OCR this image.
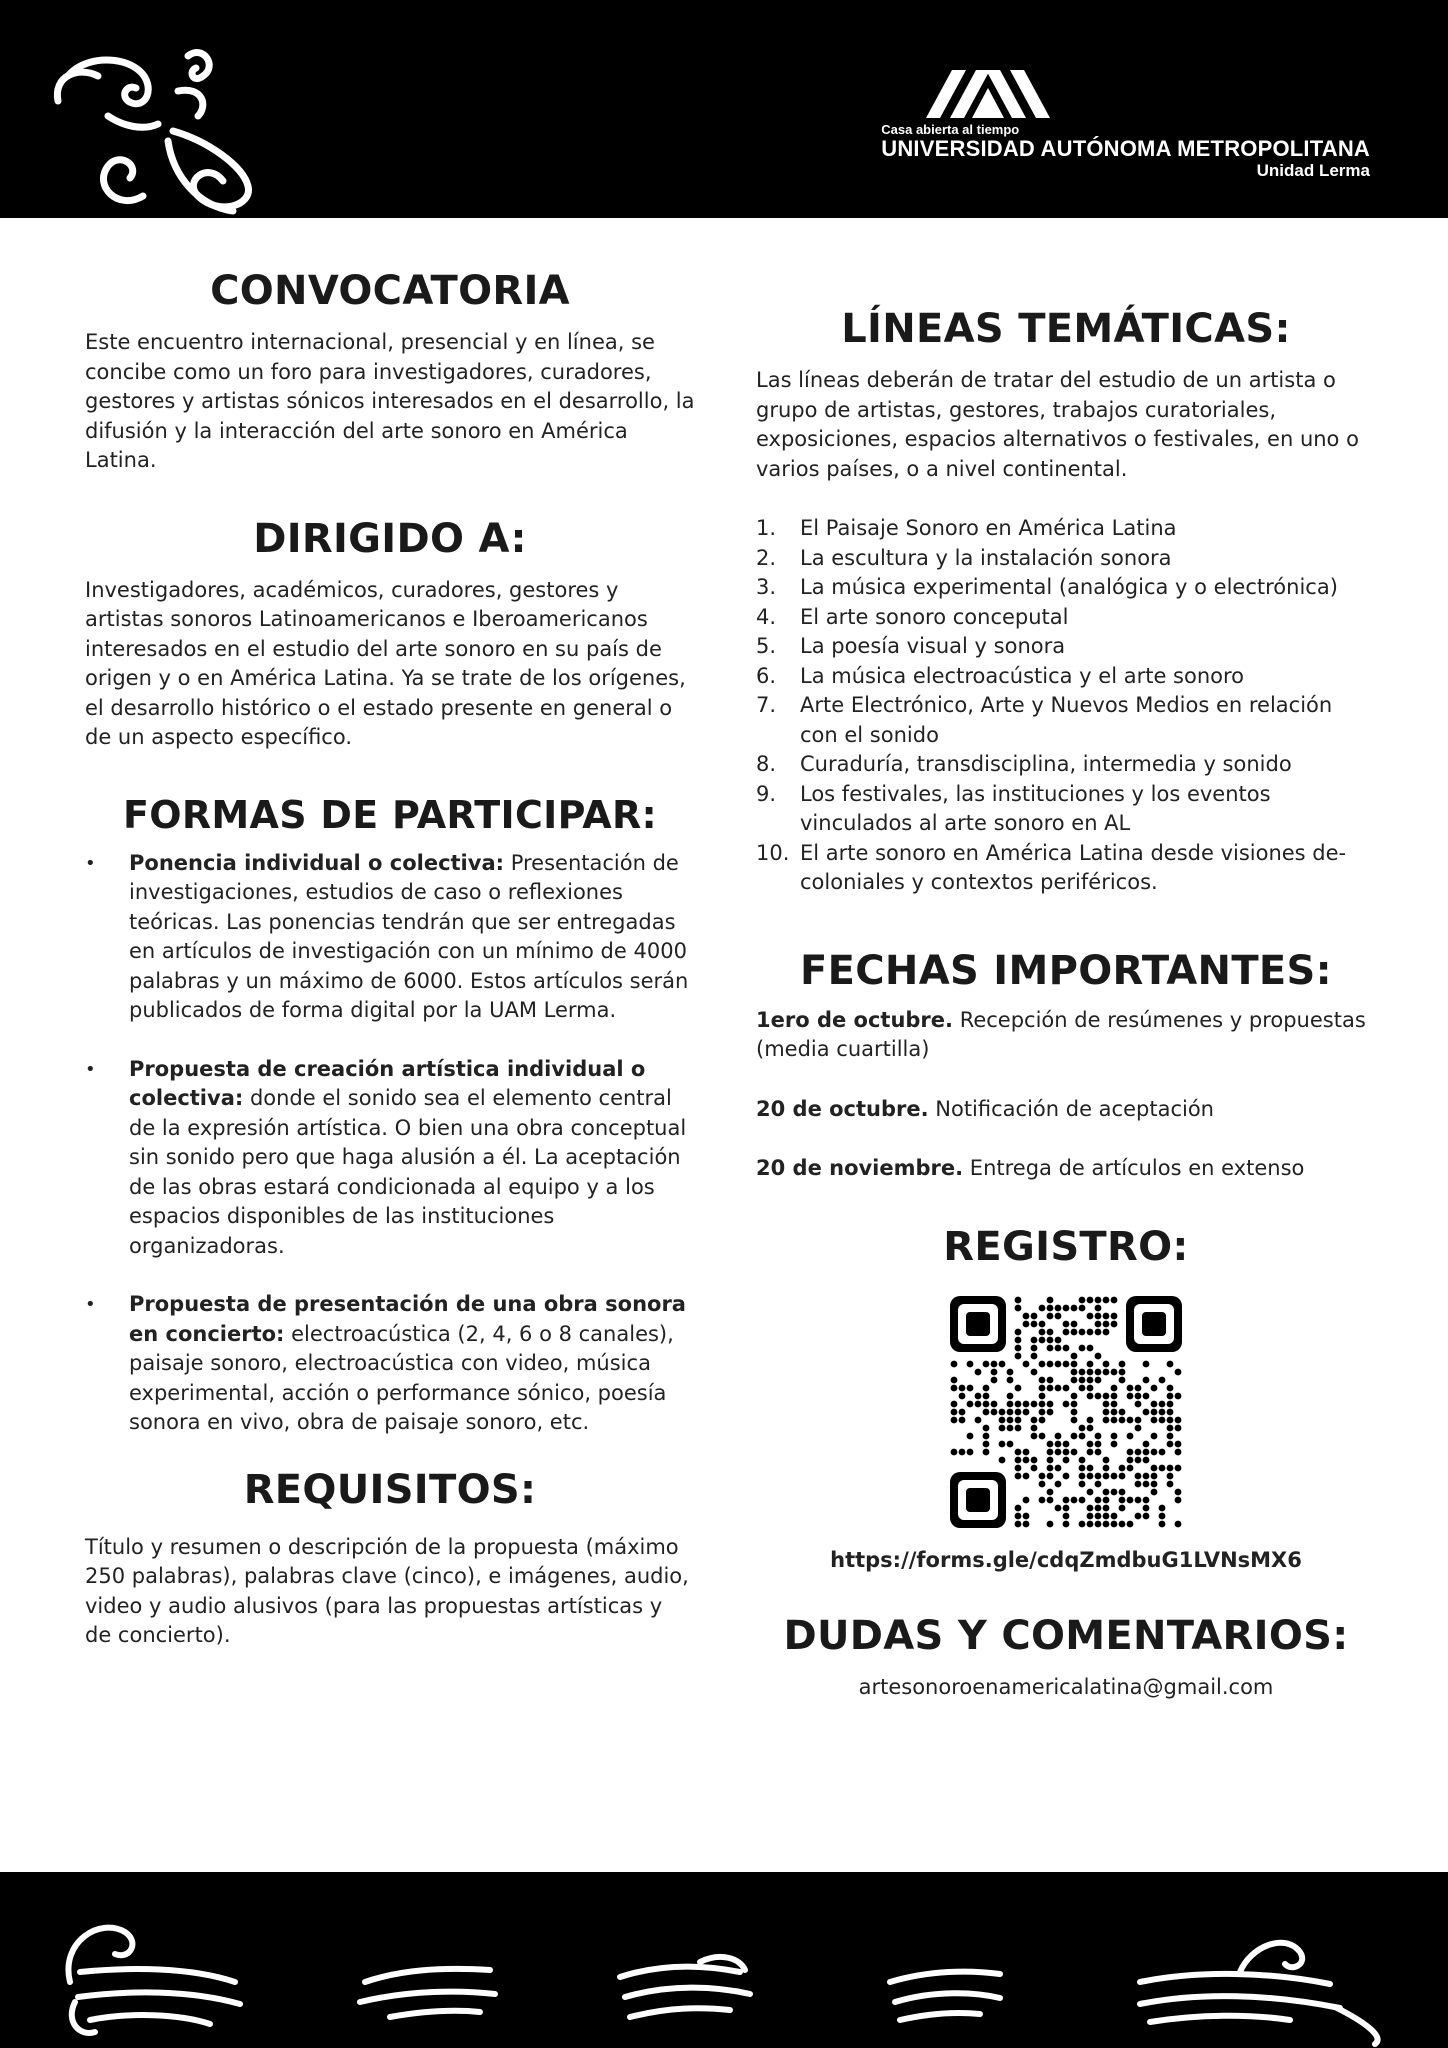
Casa abierta al tiempo
UNIVERSIDAD AUTÓNOMA METROPOLITANA
Unidad Lerma
CONVOCATORIA

Este encuentro internacional, presencial y en línea, se concibe como un foro para investigadores, curadores, gestores y artistas sónicos interesados en el desarrollo, la difusión y la interacción del arte sonoro en América Latina.

DIRIGIDO A:

Investigadores, académicos, curadores, gestores y artistas sonoros Latinoamericanos e Iberoamericanos interesados en el estudio del arte sonoro en su país de origen y o en América Latina. Ya se trate de los orígenes, el desarrollo histórico o el estado presente en general o de un aspecto específico.

FORMAS DE PARTICIPAR:
• Ponencia individual o colectiva: Presentación de investigaciones, estudios de caso o reflexiones teóricas. Las ponencias tendrán que ser entregadas en artículos de investigación con un mínimo de 4000 palabras y un máximo de 6000. Estos artículos serán publicados de forma digital por la UAM Lerma.
• Propuesta de creación artística individual o colectiva: donde el sonido sea el elemento central de la expresión artística. O bien una obra conceptual sin sonido pero que haga alusión a él. La aceptación de las obras estará condicionada al equipo y a los espacios disponibles de las instituciones organizadoras.
• Propuesta de presentación de una obra sonora en concierto: electroacústica (2, 4, 6 o 8 canales), paisaje sonoro, electroacústica con video, música experimental, acción o performance sónico, poesía sonora en vivo, obra de paisaje sonoro, etc.
REQUISITOS:

Título y resumen o descripción de la propuesta (máximo 250 palabras), palabras clave (cinco), e imágenes, audio, video y audio alusivos (para las propuestas artísticas y de concierto).

LÍNEAS TEMÁTICAS:

Las líneas deberán de tratar del estudio de un artista o grupo de artistas, gestores, trabajos curatoriales, exposiciones, espacios alternativos o festivales, en uno o varios países, o a nivel continental.

1. El Paisaje Sonoro en América Latina
2. La escultura y la instalación sonora
3. La música experimental (analógica y o electrónica)
4. El arte sonoro conceputal
5. La poesía visual y sonora
6. La música electroacústica y el arte sonoro
7. Arte Electrónico, Arte y Nuevos Medios en relación con el sonido
8. Curaduría, transdisciplina, intermedia y sonido
9. Los festivales, las instituciones y los eventos vinculados al arte sonoro en AL
10. El arte sonoro en América Latina desde visiones de-coloniales y contextos periféricos.
FECHAS IMPORTANTES:

1ero de octubre. Recepción de resúmenes y propuestas (media cuartilla)

20 de octubre. Notificación de aceptación

20 de noviembre. Entrega de artículos en extenso

REGISTRO:

https://forms.gle/cdqZmdbuG1LVNsMX6

DUDAS Y COMENTARIOS:

artesonoroenamericalatina@gmail.com
